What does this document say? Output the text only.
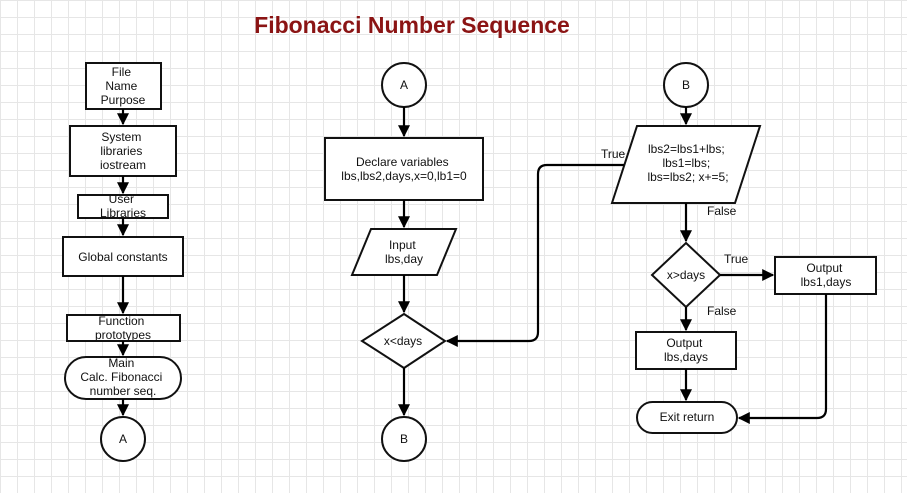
Fibonacci Number Sequence
File Name Purpose
System libraries iostream
User Libraries
Global constants
Function prototypes
Main Calc. Fibonacci number seq.
A
A
Declare variables lbs,lbs2,days,x=0,lb1=0
Input lbs,day
x<days
B
B
lbs2=lbs1+lbs; lbs1=lbs; lbs=lbs2; x+=5;
x>days	Output lbs1,days
Output lbs,days
Exit return
True
False
True
False
